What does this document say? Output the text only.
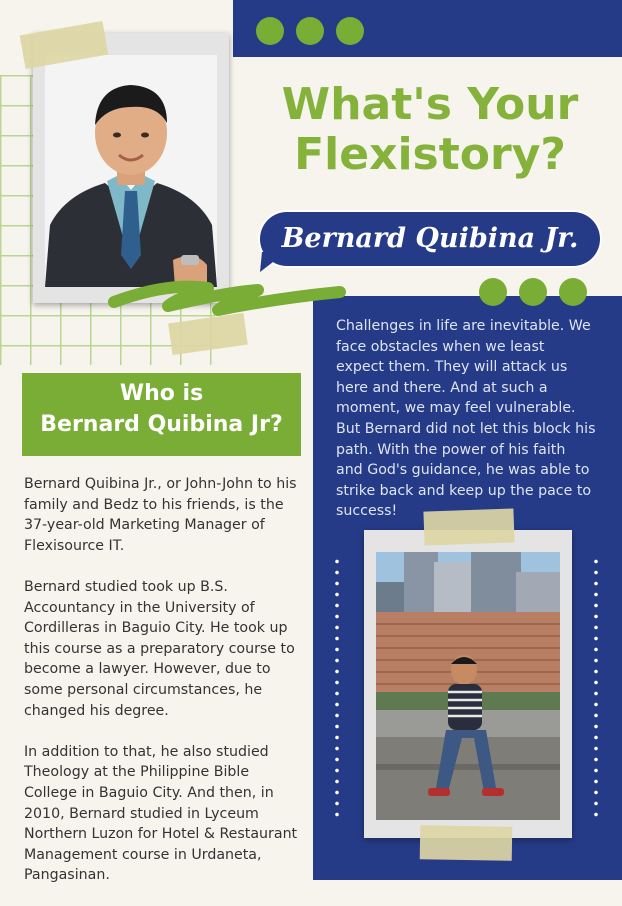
What's Your
Flexistory?
Bernard Quibina Jr.
Challenges in life are inevitable. We face obstacles when we least expect them. They will attack us here and there. And at such a moment, we may feel vulnerable. But Bernard did not let this block his path. With the power of his faith and God's guidance, he was able to strike back and keep up the pace to success!
Who is
Bernard Quibina Jr?

Bernard Quibina Jr., or John-John to his family and Bedz to his friends, is the 37-year-old Marketing Manager of Flexisource IT.

Bernard studied took up B.S. Accountancy in the University of Cordilleras in Baguio City. He took up this course as a preparatory course to become a lawyer. However, due to some personal circumstances, he changed his degree.

In addition to that, he also studied Theology at the Philippine Bible College in Baguio City. And then, in 2010, Bernard studied in Lyceum Northern Luzon for Hotel & Restaurant Management course in Urdaneta, Pangasinan.
